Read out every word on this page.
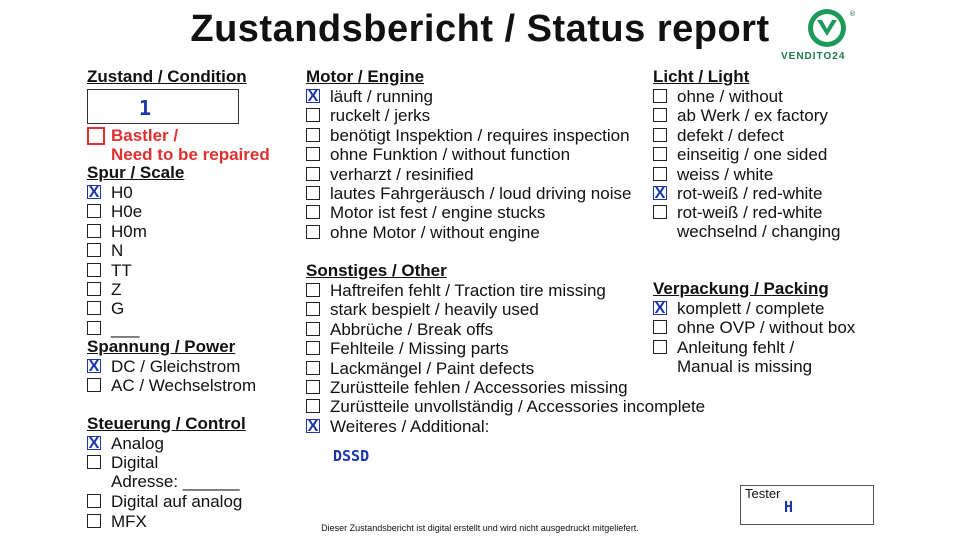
Zustandsbericht / Status report	®
VENDITO24
Zustand / Condition
1
Bastler /
Need to be repaired
Spur / Scale
XH0
H0e
H0m
N
TT
Z
G
___
Spannung / Power
XDC / Gleichstrom
AC / Wechselstrom
Steuerung / Control
XAnalog
Digital
Digital auf analog
MFX
Adresse: ______
Motor / Engine
Xläuft / running
ruckelt / jerks
benötigt Inspektion / requires inspection
ohne Funktion / without function
verharzt / resinified
lautes Fahrgeräusch / loud driving noise
Motor ist fest / engine stucks
ohne Motor / without engine
Sonstiges / Other
Haftreifen fehlt / Traction tire missing
stark bespielt / heavily used
Abbrüche / Break offs
Fehlteile / Missing parts
Lackmängel / Paint defects
Zurüstteile fehlen / Accessories missing
Zurüstteile unvollständig / Accessories incomplete
XWeiteres / Additional:
DSSD
Licht / Light
ohne / without
ab Werk / ex factory
defekt / defect
einseitig / one sided
weiss / white
Xrot-weiß / red-white
rot-weiß / red-white
wechselnd / changing
Verpackung / Packing
Xkomplett / complete
ohne OVP / without box
Anleitung fehlt /
Manual is missing
Tester
H
Dieser Zustandsbericht ist digital erstellt und wird nicht ausgedruckt mitgeliefert.
